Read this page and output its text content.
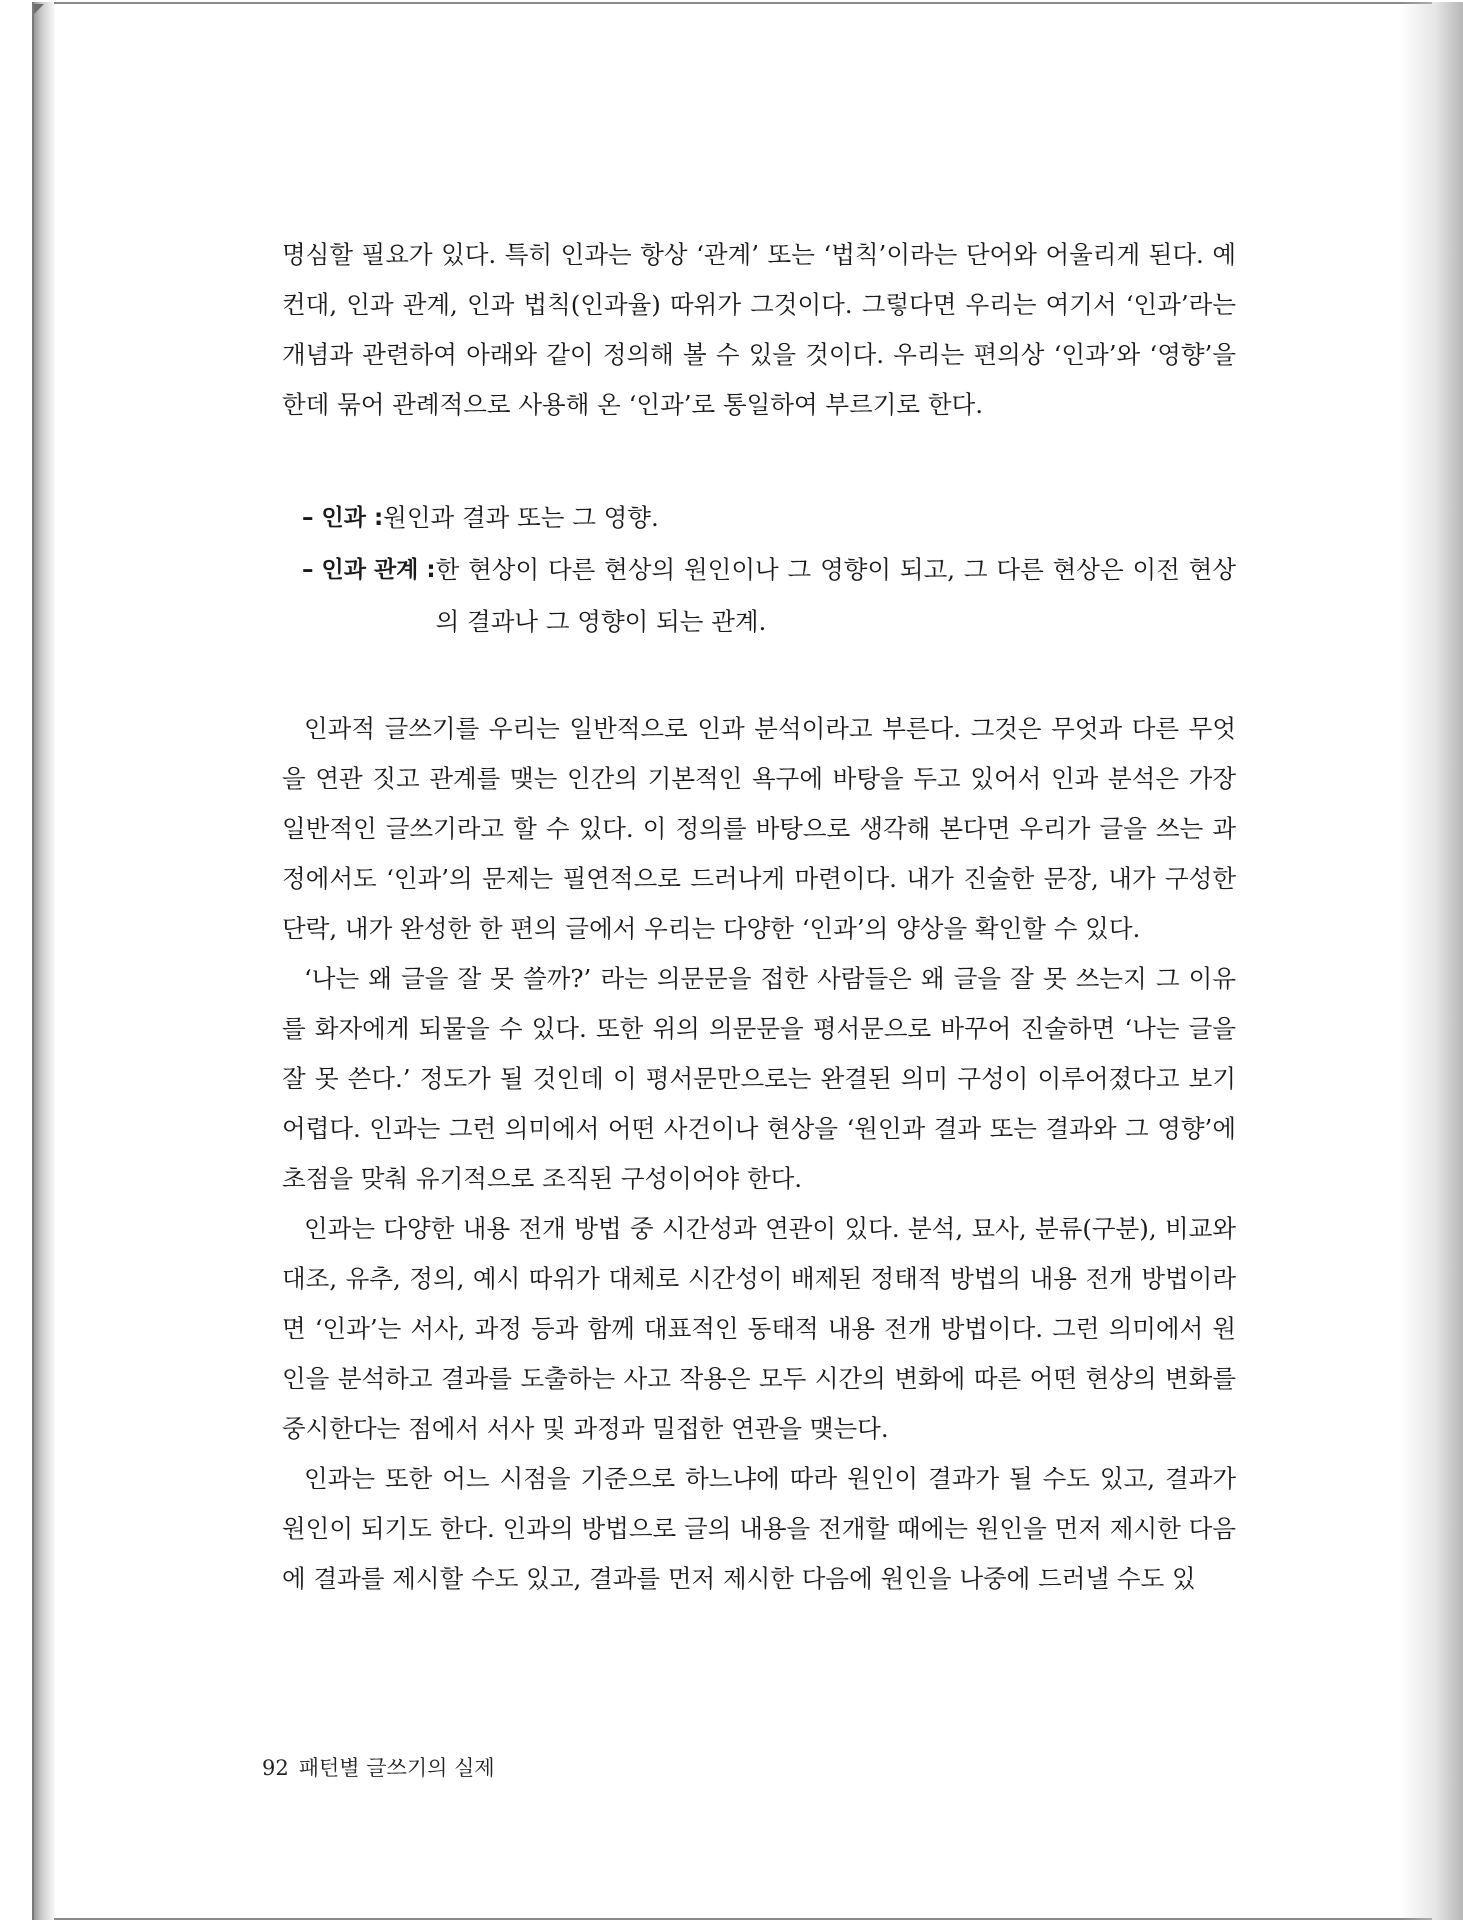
명심할 필요가 있다. 특히 인과는 항상 ‘관계’ 또는 ‘법칙’이라는 단어와 어울리게 된다. 예컨대, 인과 관계, 인과 법칙(인과율) 따위가 그것이다. 그렇다면 우리는 여기서 ‘인과’라는 개념과 관련하여 아래와 같이 정의해 볼 수 있을 것이다. 우리는 편의상 ‘인과’와 ‘영향’을 한데 묶어 관례적으로 사용해 온 ‘인과’로 통일하여 부르기로 한다.

– 인과 : 원인과 결과 또는 그 영향.
– 인과 관계 : 한 현상이 다른 현상의 원인이나 그 영향이 되고, 그 다른 현상은 이전 현상의 결과나 그 영향이 되는 관계.

인과적 글쓰기를 우리는 일반적으로 인과 분석이라고 부른다. 그것은 무엇과 다른 무엇을 연관 짓고 관계를 맺는 인간의 기본적인 욕구에 바탕을 두고 있어서 인과 분석은 가장 일반적인 글쓰기라고 할 수 있다. 이 정의를 바탕으로 생각해 본다면 우리가 글을 쓰는 과정에서도 ‘인과’의 문제는 필연적으로 드러나게 마련이다. 내가 진술한 문장, 내가 구성한 단락, 내가 완성한 한 편의 글에서 우리는 다양한 ‘인과’의 양상을 확인할 수 있다.

‘나는 왜 글을 잘 못 쓸까?’ 라는 의문문을 접한 사람들은 왜 글을 잘 못 쓰는지 그 이유를 화자에게 되물을 수 있다. 또한 위의 의문문을 평서문으로 바꾸어 진술하면 ‘나는 글을 잘 못 쓴다.’ 정도가 될 것인데 이 평서문만으로는 완결된 의미 구성이 이루어졌다고 보기 어렵다. 인과는 그런 의미에서 어떤 사건이나 현상을 ‘원인과 결과 또는 결과와 그 영향’에 초점을 맞춰 유기적으로 조직된 구성이어야 한다.

인과는 다양한 내용 전개 방법 중 시간성과 연관이 있다. 분석, 묘사, 분류(구분), 비교와 대조, 유추, 정의, 예시 따위가 대체로 시간성이 배제된 정태적 방법의 내용 전개 방법이라면 ‘인과’는 서사, 과정 등과 함께 대표적인 동태적 내용 전개 방법이다. 그런 의미에서 원인을 분석하고 결과를 도출하는 사고 작용은 모두 시간의 변화에 따른 어떤 현상의 변화를 중시한다는 점에서 서사 및 과정과 밀접한 연관을 맺는다.

인과는 또한 어느 시점을 기준으로 하느냐에 따라 원인이 결과가 될 수도 있고, 결과가 원인이 되기도 한다. 인과의 방법으로 글의 내용을 전개할 때에는 원인을 먼저 제시한 다음에 결과를 제시할 수도 있고, 결과를 먼저 제시한 다음에 원인을 나중에 드러낼 수도 있

92 패턴별 글쓰기의 실제
